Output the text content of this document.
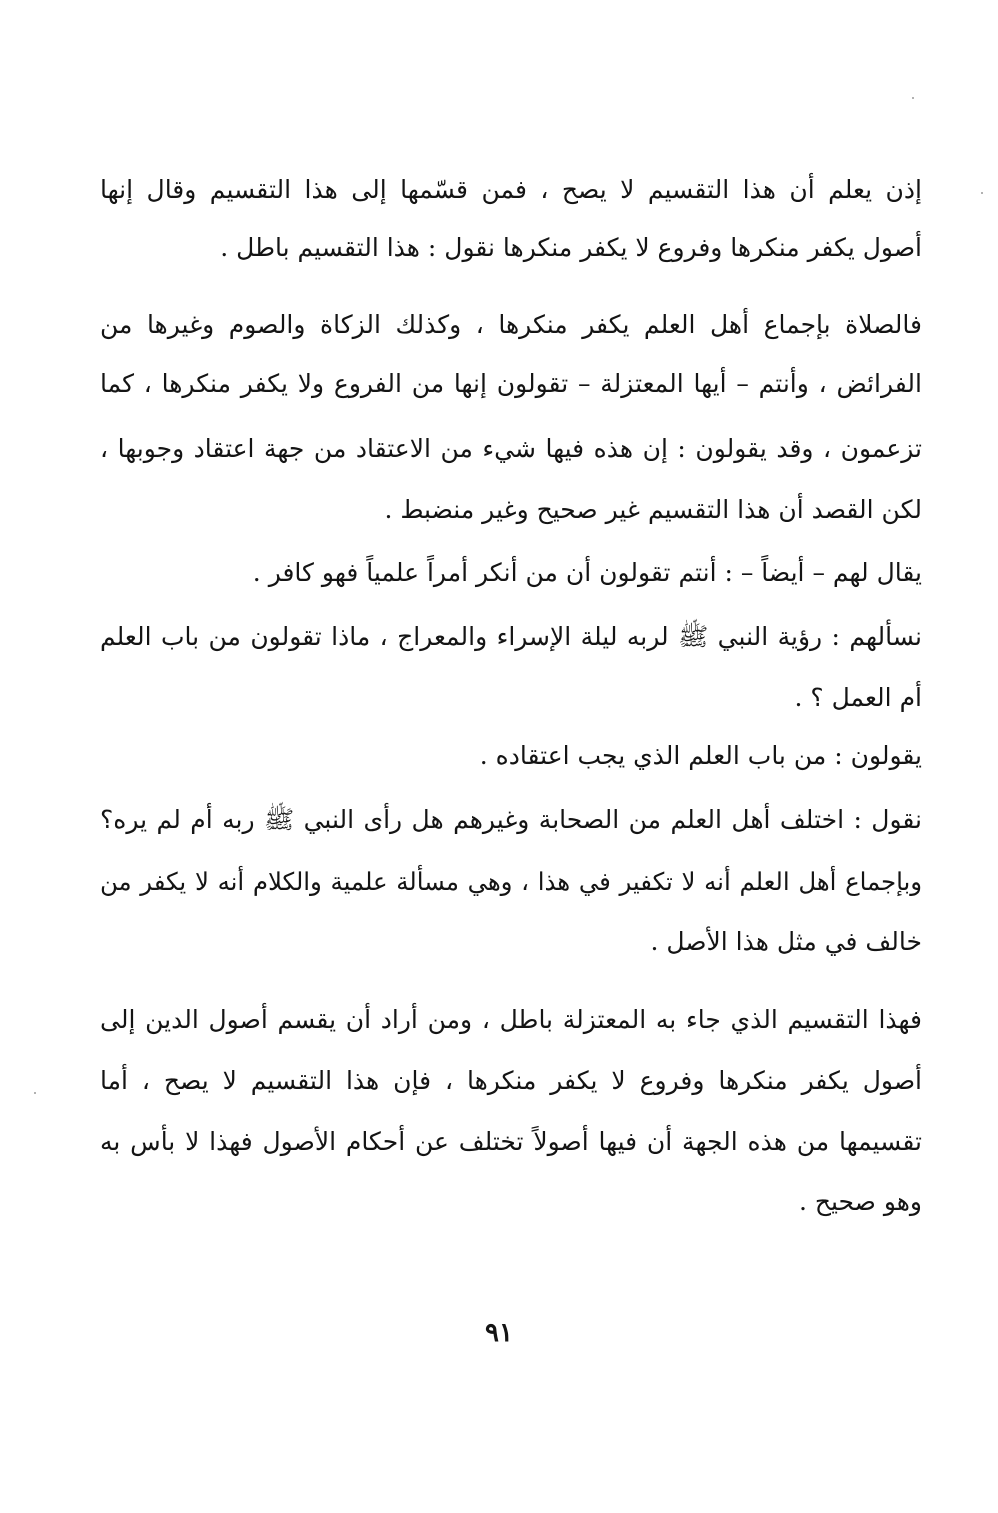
إذن يعلم أن هذا التقسيم لا يصح ، فمن قسّمها إلى هذا التقسيم وقال إنها
أصول يكفر منكرها وفروع لا يكفر منكرها نقول : هذا التقسيم باطل .
فالصلاة بإجماع أهل العلم يكفر منكرها ، وكذلك الزكاة والصوم وغيرها من
الفرائض ، وأنتم – أيها المعتزلة – تقولون إنها من الفروع ولا يكفر منكرها ، كما
تزعمون ، وقد يقولون : إن هذه فيها شيء من الاعتقاد من جهة اعتقاد وجوبها ،
لكن القصد أن هذا التقسيم غير صحيح وغير منضبط .
يقال لهم – أيضاً – : أنتم تقولون أن من أنكر أمراً علمياً فهو كافر .
نسألهم : رؤية النبي ﷺ لربه ليلة الإسراء والمعراج ، ماذا تقولون من باب العلم
أم العمل ؟ .
يقولون : من باب العلم الذي يجب اعتقاده .
نقول : اختلف أهل العلم من الصحابة وغيرهم هل رأى النبي ﷺ ربه أم لم يره؟
وبإجماع أهل العلم أنه لا تكفير في هذا ، وهي مسألة علمية والكلام أنه لا يكفر من
خالف في مثل هذا الأصل .
فهذا التقسيم الذي جاء به المعتزلة باطل ، ومن أراد أن يقسم أصول الدين إلى
أصول يكفر منكرها وفروع لا يكفر منكرها ، فإن هذا التقسيم لا يصح ، أما
تقسيمها من هذه الجهة أن فيها أصولاً تختلف عن أحكام الأصول فهذا لا بأس به
وهو صحيح .
٩١
